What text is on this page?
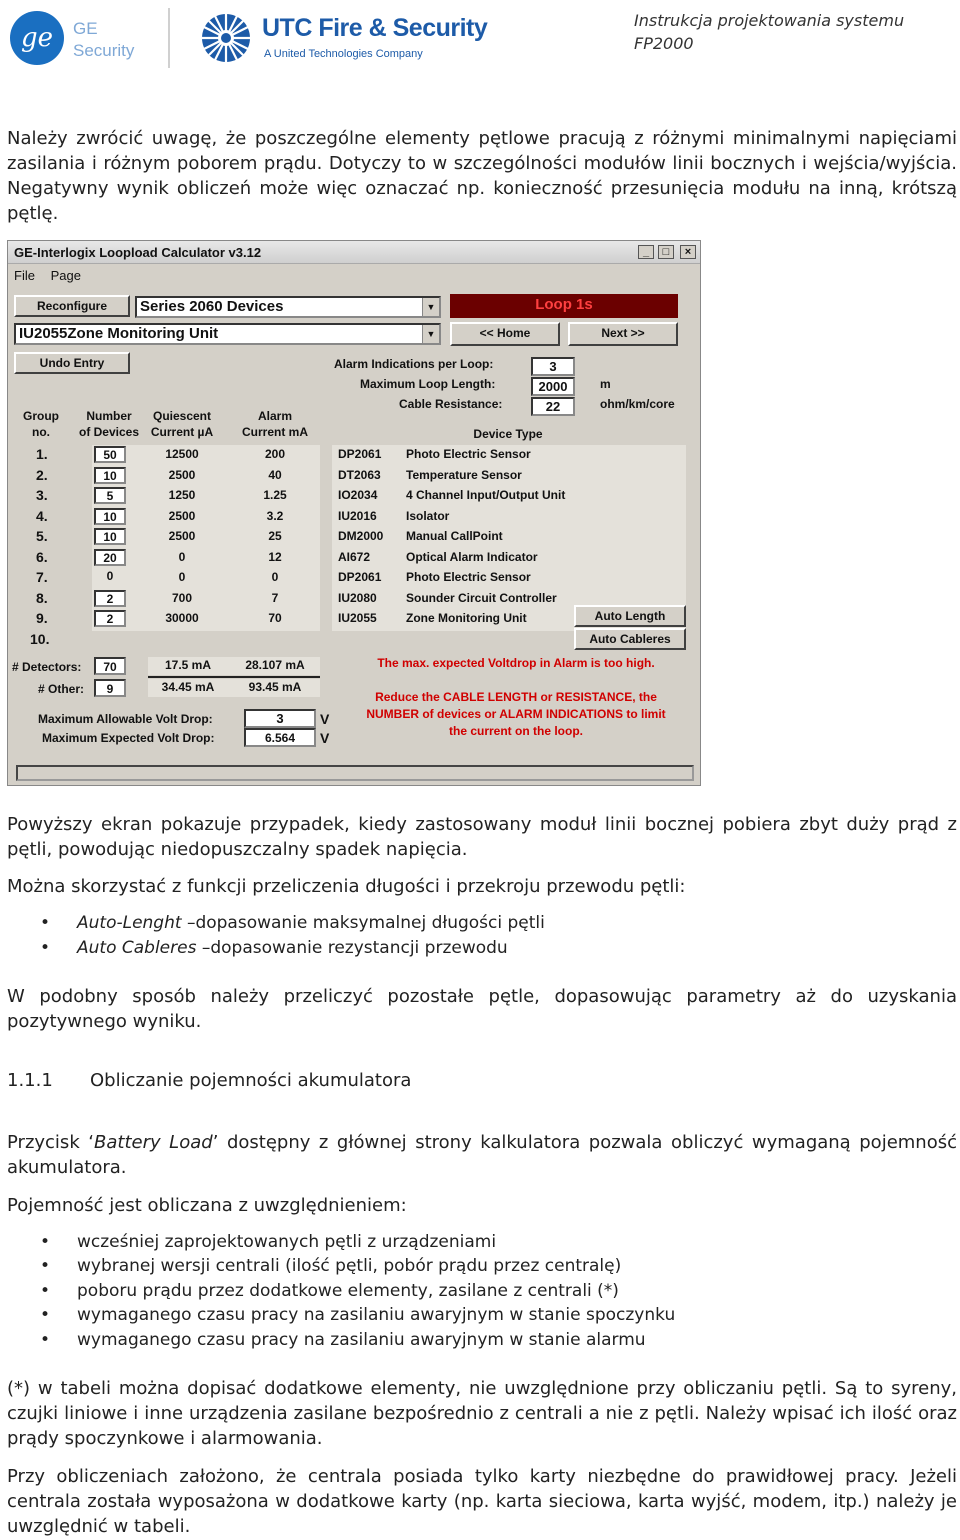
ge	GE
Security
UTC Fire & Security
A United Technologies Company
Instrukcja projektowania systemu
FP2000
Należy zwrócić uwagę, że poszczególne elementy pętlowe pracują z różnymi minimalnymi napięciami zasilania i różnym poborem prądu. Dotyczy to w szczególności modułów linii bocznych i wejścia/wyjścia. Negatywny wynik obliczeń może więc oznaczać np. konieczność przesunięcia modułu na inną, krótszą pętlę.
GE-Interlogix Loopload Calculator v3.12	_	□	×
File Page
Reconfigure	Series 2060 Devices	▼	Loop 1s
IU2055Zone Monitoring Unit	▼	<< Home	Next >>
Undo Entry	Alarm Indications per Loop:	3
Maximum Loop Length:	2000	m
Cable Resistance:	22	ohm/km/core
Group
no.
Number
of Devices
Quiescent
Current µA
Alarm
Current mA	Device Type
1.	50	12500	200	DP2061 Photo Electric Sensor
2.	10	2500	40	DT2063 Temperature Sensor
3.	5	1250	1.25	IO2034 4 Channel Input/Output Unit
4.	10	2500	3.2	IU2016 Isolator
5.	10	2500	25	DM2000 Manual CallPoint
6.	20	0	12	AI672	Optical Alarm Indicator
7.	0	0	0	DP2061 Photo Electric Sensor
8.	2	700	7	IU2080 Sounder Circuit Controller
9.	2	30000	70	IU2055 Zone Monitoring Unit
10.
Auto Length
Auto Cableres
# Detectors:	70	17.5 mA	28.107 mA
# Other:	9	34.45 mA	93.45 mA
Maximum Allowable Volt Drop:	3	V
Maximum Expected Volt Drop:	6.564	V
The max. expected Voltdrop in Alarm is too high.
Reduce the CABLE LENGTH or RESISTANCE, the
NUMBER of devices or ALARM INDICATIONS to limit
the current on the loop.
Powyższy ekran pokazuje przypadek, kiedy zastosowany moduł linii bocznej pobiera zbyt duży prąd z pętli, powodując niedopuszczalny spadek napięcia.
Można skorzystać z funkcji przeliczenia długości i przekroju przewodu pętli:
• Auto-Lenght –dopasowanie maksymalnej długości pętli
• Auto Cableres –dopasowanie rezystancji przewodu
W podobny sposób należy przeliczyć pozostałe pętle, dopasowując parametry aż do uzyskania pozytywnego wyniku.
1.1.1 Obliczanie pojemności akumulatora
Przycisk ‘Battery Load’ dostępny z głównej strony kalkulatora pozwala obliczyć wymaganą pojemność akumulatora.
Pojemność jest obliczana z uwzględnieniem:
• wcześniej zaprojektowanych pętli z urządzeniami
• wybranej wersji centrali (ilość pętli, pobór prądu przez centralę)
• poboru prądu przez dodatkowe elementy, zasilane z centrali (*)
• wymaganego czasu pracy na zasilaniu awaryjnym w stanie spoczynku
• wymaganego czasu pracy na zasilaniu awaryjnym w stanie alarmu
(*) w tabeli można dopisać dodatkowe elementy, nie uwzględnione przy obliczaniu pętli. Są to syreny, czujki liniowe i inne urządzenia zasilane bezpośrednio z centrali a nie z pętli. Należy wpisać ich ilość oraz prądy spoczynkowe i alarmowania.
Przy obliczeniach założono, że centrala posiada tylko karty niezbędne do prawidłowej pracy. Jeżeli centrala została wyposażona w dodatkowe karty (np. karta sieciowa, karta wyjść, modem, itp.) należy je uwzględnić w tabeli.
